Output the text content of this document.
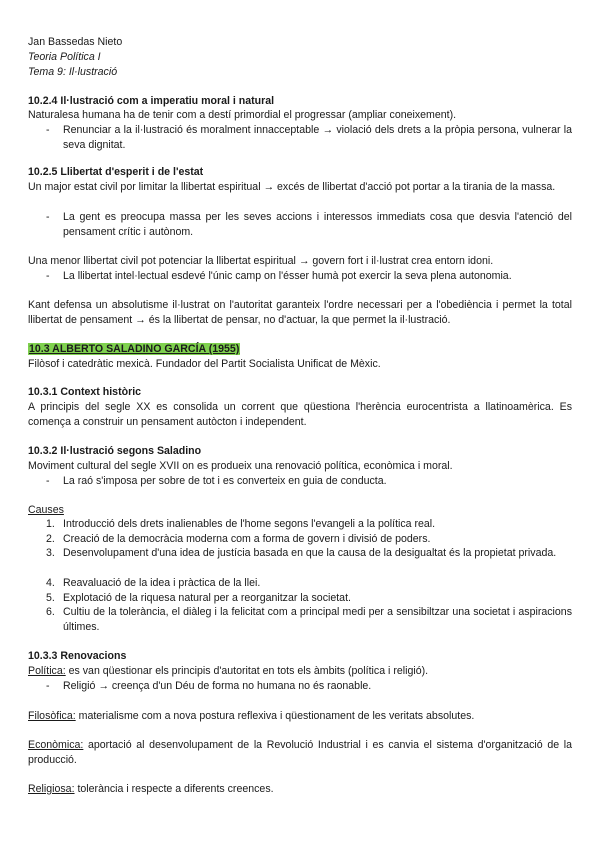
Jan Bassedas Nieto
Teoria Política I
Tema 9: Il·lustració
10.2.4 Il·lustració com a imperatiu moral i natural
Naturalesa humana ha de tenir com a destí primordial el progressar (ampliar coneixement).
- Renunciar a la il·lustració és moralment innacceptable → violació dels drets a la pròpia persona, vulnerar la seva dignitat.
10.2.5 Llibertat d'esperit i de l'estat
Un major estat civil por limitar la llibertat espiritual → excés de llibertat d'acció pot portar a la tirania de la massa.
- La gent es preocupa massa per les seves accions i interessos immediats cosa que desvia l'atenció del pensament crític i autònom.
Una menor llibertat civil pot potenciar la llibertat espiritual → govern fort i il·lustrat crea entorn idoni.
- La llibertat intel·lectual esdevé l'únic camp on l'ésser humà pot exercir la seva plena autonomia.
Kant defensa un absolutisme il·lustrat on l'autoritat garanteix l'ordre necessari per a l'obediència i permet la total llibertat de pensament → és la llibertat de pensar, no d'actuar, la que permet la il·lustració.
10.3 ALBERTO SALADINO GARCÍA (1955)
Filòsof i catedràtic mexicà. Fundador del Partit Socialista Unificat de Mèxic.
10.3.1 Context històric
A principis del segle XX es consolida un corrent que qüestiona l'herència eurocentrista a llatinoamèrica. Es comença a construir un pensament autòcton i independent.
10.3.2 Il·lustració segons Saladino
Moviment cultural del segle XVII on es produeix una renovació política, econòmica i moral.
- La raó s'imposa per sobre de tot i es converteix en guia de conducta.
Causes
1. Introducció dels drets inalienables de l'home segons l'evangeli a la política real.
2. Creació de la democràcia moderna com a forma de govern i divisió de poders.
3. Desenvolupament d'una idea de justícia basada en que la causa de la desigualtat és la propietat privada.
4. Reavaluació de la idea i pràctica de la llei.
5. Explotació de la riquesa natural per a reorganitzar la societat.
6. Cultiu de la tolerància, el diàleg i la felicitat com a principal medi per a sensibiltzar una societat i aspiracions últimes.
10.3.3 Renovacions
Política: es van qüestionar els principis d'autoritat en tots els àmbits (política i religió).
- Religió → creença d'un Déu de forma no humana no és raonable.
Filosòfica: materialisme com a nova postura reflexiva i qüestionament de les veritats absolutes.
Econòmica: aportació al desenvolupament de la Revolució Industrial i es canvia el sistema d'organització de la producció.
Religiosa: tolerància i respecte a diferents creences.
